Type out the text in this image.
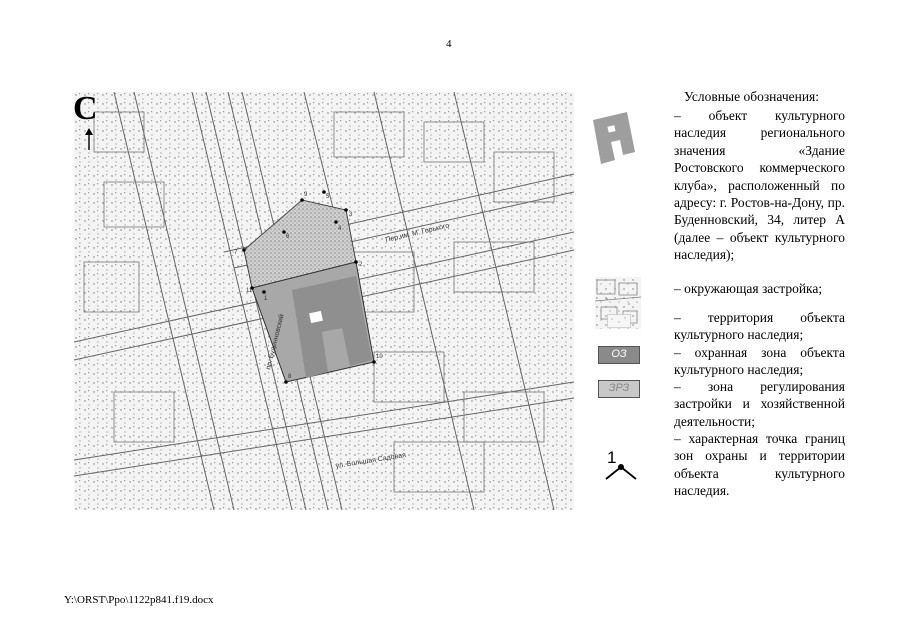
4
1
2
3
4
5
6
7
8
9
10
11
Пер.им. М. Горького
пр. Буденновский
ул. Большая Садовая
С	Условные обозначения:
– объект культурного наследия регионального значения «Здание Ростовского коммерческого клуба», расположенный по адресу: г. Ростов-на-Дону, пр. Буденновский, 34, литер А (далее – объект культурного наследия);
– окружающая застройка;
– территория объекта культурного наследия;
ОЗ	– охранная зона объекта культурного наследия;
ЗРЗ	– зона регулирования застройки и хозяйственной деятельности;
1
– характерная точка границ зон охраны и территории объекта культурного наследия.
Y:\ORST\Ppo\1122p841.f19.docx
